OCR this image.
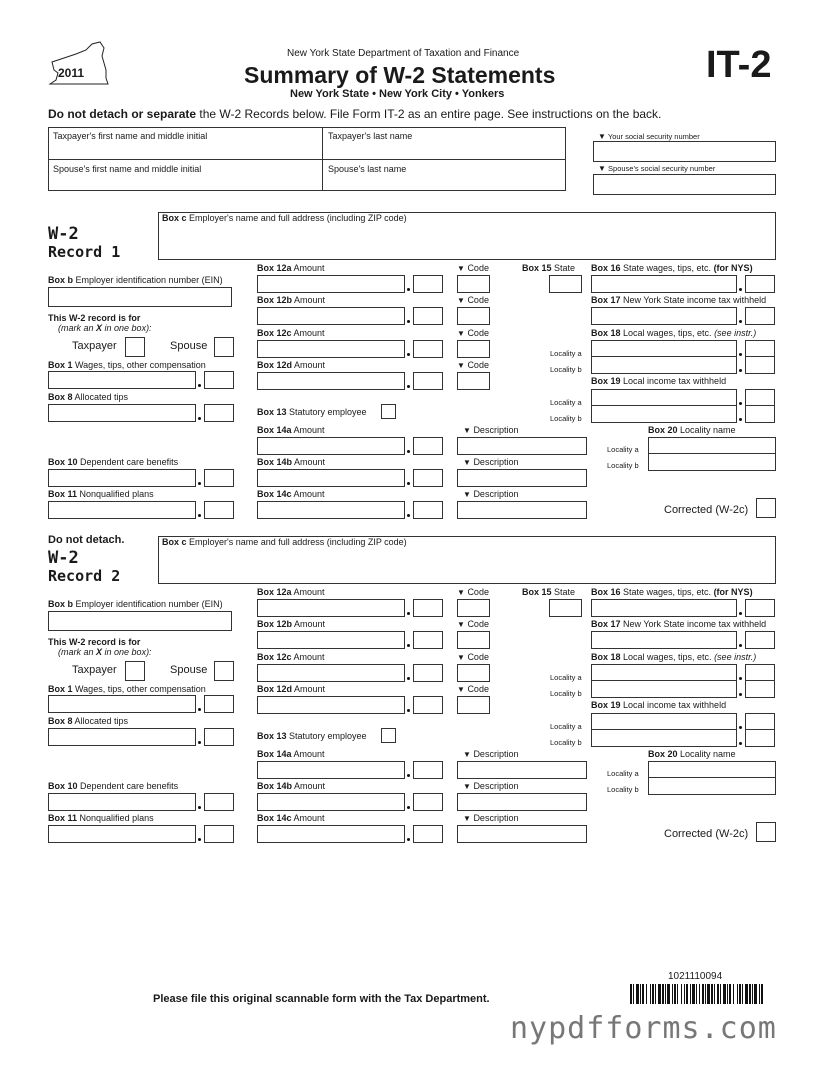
2011
New York State Department of Taxation and Finance
Summary of W-2 Statements
New York State • New York City • Yonkers
IT-2
Do not detach or separate the W-2 Records below. File Form IT-2 as an entire page. See instructions on the back.
Taxpayer's first name and middle initial	Taxpayer's last name
Spouse's first name and middle initial	Spouse's last name
▼ Your social security number
▼ Spouse's social security number
W-2
Record 1
Box c Employer's name and full address (including ZIP code)
Box b Employer identification number (EIN)
This W-2 record is for
(mark an X in one box):
Taxpayer	Spouse
Box 1 Wages, tips, other compensation
Box 8 Allocated tips
Box 10 Dependent care benefits
Box 11 Nonqualified plans
Box 12a Amount	▼ Code
Box 12b Amount	▼ Code
Box 12c Amount	▼ Code
Box 12d Amount	▼ Code
Box 13 Statutory employee
Box 14a Amount	▼ Description
Box 14b Amount	▼ Description
Box 14c Amount	▼ Description
Box 15 State Box 16 State wages, tips, etc. (for NYS)
Box 17 New York State income tax withheld
Box 18 Local wages, tips, etc. (see instr.)
Locality a
Locality b
Box 19 Local income tax withheld
Locality a
Locality b
Box 20 Locality name
Locality a
Locality b
Corrected (W-2c)
Do not detach.
W-2
Record 2
Box c Employer's name and full address (including ZIP code)
Box b Employer identification number (EIN)
This W-2 record is for
(mark an X in one box):
Taxpayer	Spouse
Box 1 Wages, tips, other compensation
Box 8 Allocated tips
Box 10 Dependent care benefits
Box 11 Nonqualified plans
Box 12a Amount	▼ Code
Box 12b Amount	▼ Code
Box 12c Amount	▼ Code
Box 12d Amount	▼ Code
Box 13 Statutory employee
Box 14a Amount	▼ Description
Box 14b Amount	▼ Description
Box 14c Amount	▼ Description
Box 15 State Box 16 State wages, tips, etc. (for NYS)
Box 17 New York State income tax withheld
Box 18 Local wages, tips, etc. (see instr.)
Locality a
Locality b
Box 19 Local income tax withheld
Locality a
Locality b
Box 20 Locality name
Locality a
Locality b
Corrected (W-2c)
1021110094
Please file this original scannable form with the Tax Department.
nypdfforms.com
